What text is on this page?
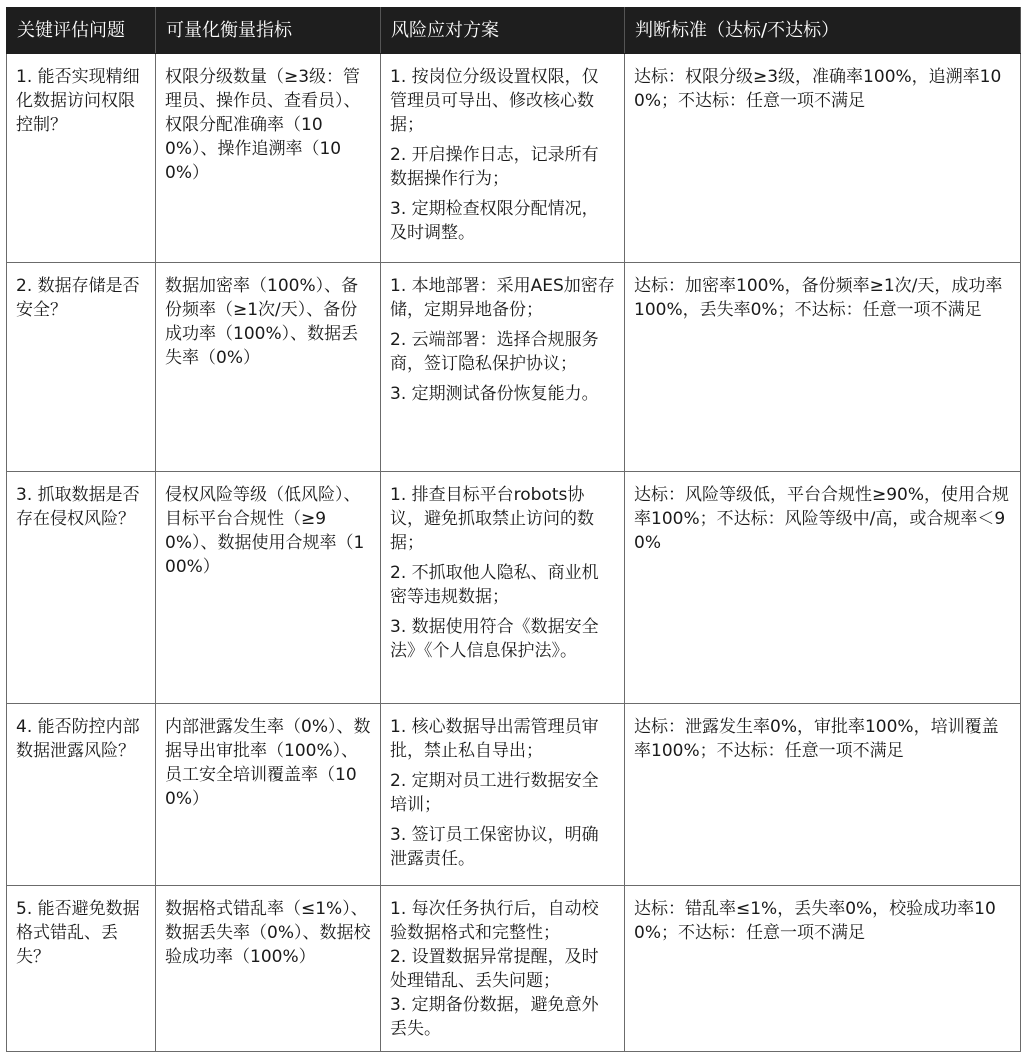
关键评估问题	可量化衡量指标	风险应对方案	判断标准（达标/不达标）
1. 能否实现精细化数据访问权限控制？	权限分级数量（≥3级：管理员、操作员、查看员）、权限分配准确率（100%）、操作追溯率（100%）	1. 按岗位分级设置权限，仅管理员可导出、修改核心数据；

2. 开启操作日志，记录所有数据操作行为；

3. 定期检查权限分配情况，及时调整。	达标：权限分级≥3级，准确率100%，追溯率100%；不达标：任意一项不满足
2. 数据存储是否安全？	数据加密率（100%）、备份频率（≥1次/天）、备份成功率（100%）、数据丢失率（0%）	1. 本地部署：采用AES加密存储，定期异地备份；

2. 云端部署：选择合规服务商，签订隐私保护协议；

3. 定期测试备份恢复能力。	达标：加密率100%，备份频率≥1次/天，成功率100%，丢失率0%；不达标：任意一项不满足
3. 抓取数据是否存在侵权风险？	侵权风险等级（低风险）、目标平台合规性（≥90%）、数据使用合规率（100%）	1. 排查目标平台robots协议，避免抓取禁止访问的数据；

2. 不抓取他人隐私、商业机密等违规数据；

3. 数据使用符合《数据安全法》《个人信息保护法》。	达标：风险等级低，平台合规性≥90%，使用合规率100%；不达标：风险等级中/高，或合规率＜90%
4. 能否防控内部数据泄露风险？	内部泄露发生率（0%）、数据导出审批率（100%）、员工安全培训覆盖率（100%）	1. 核心数据导出需管理员审批，禁止私自导出；

2. 定期对员工进行数据安全培训；

3. 签订员工保密协议，明确泄露责任。	达标：泄露发生率0%，审批率100%，培训覆盖率100%；不达标：任意一项不满足
5. 能否避免数据格式错乱、丢失？	数据格式错乱率（≤1%）、数据丢失率（0%）、数据校验成功率（100%）	1. 每次任务执行后，自动校验数据格式和完整性；

2. 设置数据异常提醒，及时处理错乱、丢失问题；

3. 定期备份数据，避免意外丢失。	达标：错乱率≤1%，丢失率0%，校验成功率100%；不达标：任意一项不满足
